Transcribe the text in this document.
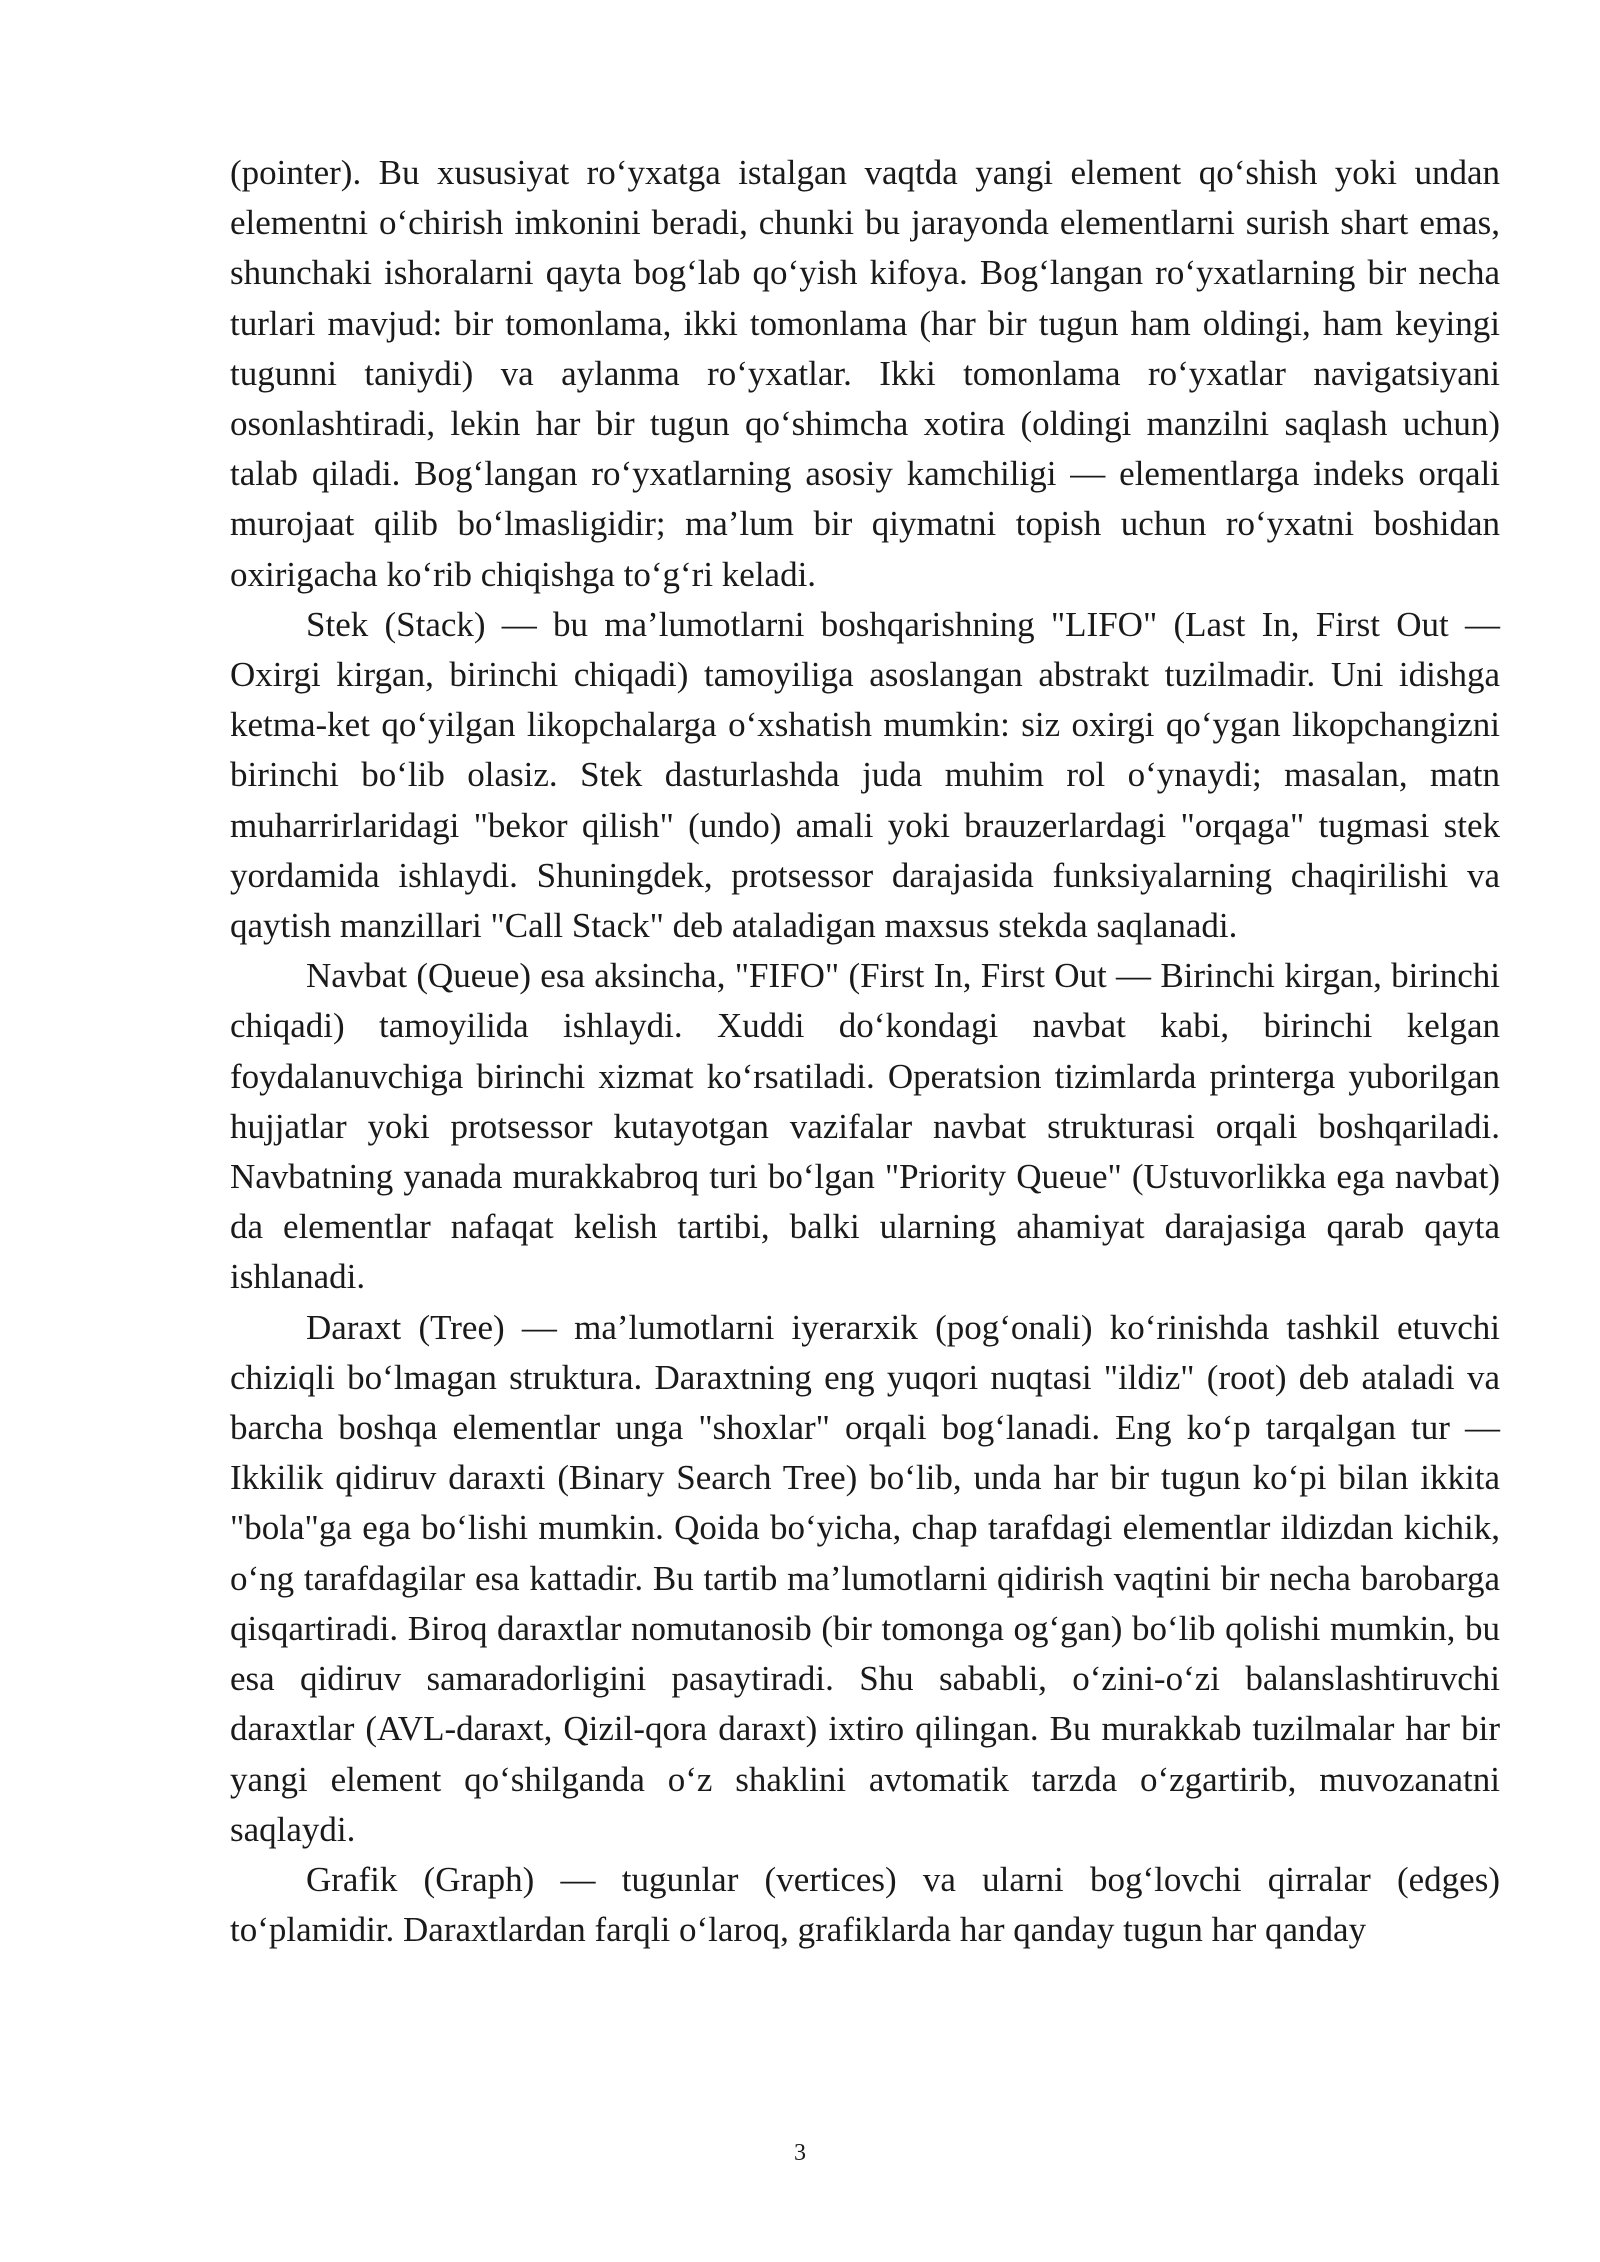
(pointer). Bu xususiyat ro‘yxatga istalgan vaqtda yangi element qo‘shish yoki undan elementni o‘chirish imkonini beradi, chunki bu jarayonda elementlarni surish shart emas, shunchaki ishoralarni qayta bog‘lab qo‘yish kifoya. Bog‘langan ro‘yxatlarning bir necha turlari mavjud: bir tomonlama, ikki tomonlama (har bir tugun ham oldingi, ham keyingi tugunni taniydi) va aylanma ro‘yxatlar. Ikki tomonlama ro‘yxatlar navigatsiyani osonlashtiradi, lekin har bir tugun qo‘shimcha xotira (oldingi manzilni saqlash uchun) talab qiladi. Bog‘langan ro‘yxatlarning asosiy kamchiligi — elementlarga indeks orqali murojaat qilib bo‘lmasligidir; ma’lum bir qiymatni topish uchun ro‘yxatni boshidan oxirigacha ko‘rib chiqishga to‘g‘ri keladi.

Stek (Stack) — bu ma’lumotlarni boshqarishning "LIFO" (Last In, First Out — Oxirgi kirgan, birinchi chiqadi) tamoyiliga asoslangan abstrakt tuzilmadir. Uni idishga ketma-ket qo‘yilgan likopchalarga o‘xshatish mumkin: siz oxirgi qo‘ygan likopchangizni birinchi bo‘lib olasiz. Stek dasturlashda juda muhim rol o‘ynaydi; masalan, matn muharrirlaridagi "bekor qilish" (undo) amali yoki brauzerlardagi "orqaga" tugmasi stek yordamida ishlaydi. Shuningdek, protsessor darajasida funksiyalarning chaqirilishi va qaytish manzillari "Call Stack" deb ataladigan maxsus stekda saqlanadi.

Navbat (Queue) esa aksincha, "FIFO" (First In, First Out — Birinchi kirgan, birinchi chiqadi) tamoyilida ishlaydi. Xuddi do‘kondagi navbat kabi, birinchi kelgan foydalanuvchiga birinchi xizmat ko‘rsatiladi. Operatsion tizimlarda printerga yuborilgan hujjatlar yoki protsessor kutayotgan vazifalar navbat strukturasi orqali boshqariladi. Navbatning yanada murakkabroq turi bo‘lgan "Priority Queue" (Ustuvorlikka ega navbat) da elementlar nafaqat kelish tartibi, balki ularning ahamiyat darajasiga qarab qayta ishlanadi.

Daraxt (Tree) — ma’lumotlarni iyerarxik (pog‘onali) ko‘rinishda tashkil etuvchi chiziqli bo‘lmagan struktura. Daraxtning eng yuqori nuqtasi "ildiz" (root) deb ataladi va barcha boshqa elementlar unga "shoxlar" orqali bog‘lanadi. Eng ko‘p tarqalgan tur — Ikkilik qidiruv daraxti (Binary Search Tree) bo‘lib, unda har bir tugun ko‘pi bilan ikkita "bola"ga ega bo‘lishi mumkin. Qoida bo‘yicha, chap tarafdagi elementlar ildizdan kichik, o‘ng tarafdagilar esa kattadir. Bu tartib ma’lumotlarni qidirish vaqtini bir necha barobarga qisqartiradi. Biroq daraxtlar nomutanosib (bir tomonga og‘gan) bo‘lib qolishi mumkin, bu esa qidiruv samaradorligini pasaytiradi. Shu sababli, o‘zini-o‘zi balanslashtiruvchi daraxtlar (AVL-daraxt, Qizil-qora daraxt) ixtiro qilingan. Bu murakkab tuzilmalar har bir yangi element qo‘shilganda o‘z shaklini avtomatik tarzda o‘zgartirib, muvozanatni saqlaydi.

Grafik (Graph) — tugunlar (vertices) va ularni bog‘lovchi qirralar (edges) to‘plamidir. Daraxtlardan farqli o‘laroq, grafiklarda har qanday tugun har qanday

3
